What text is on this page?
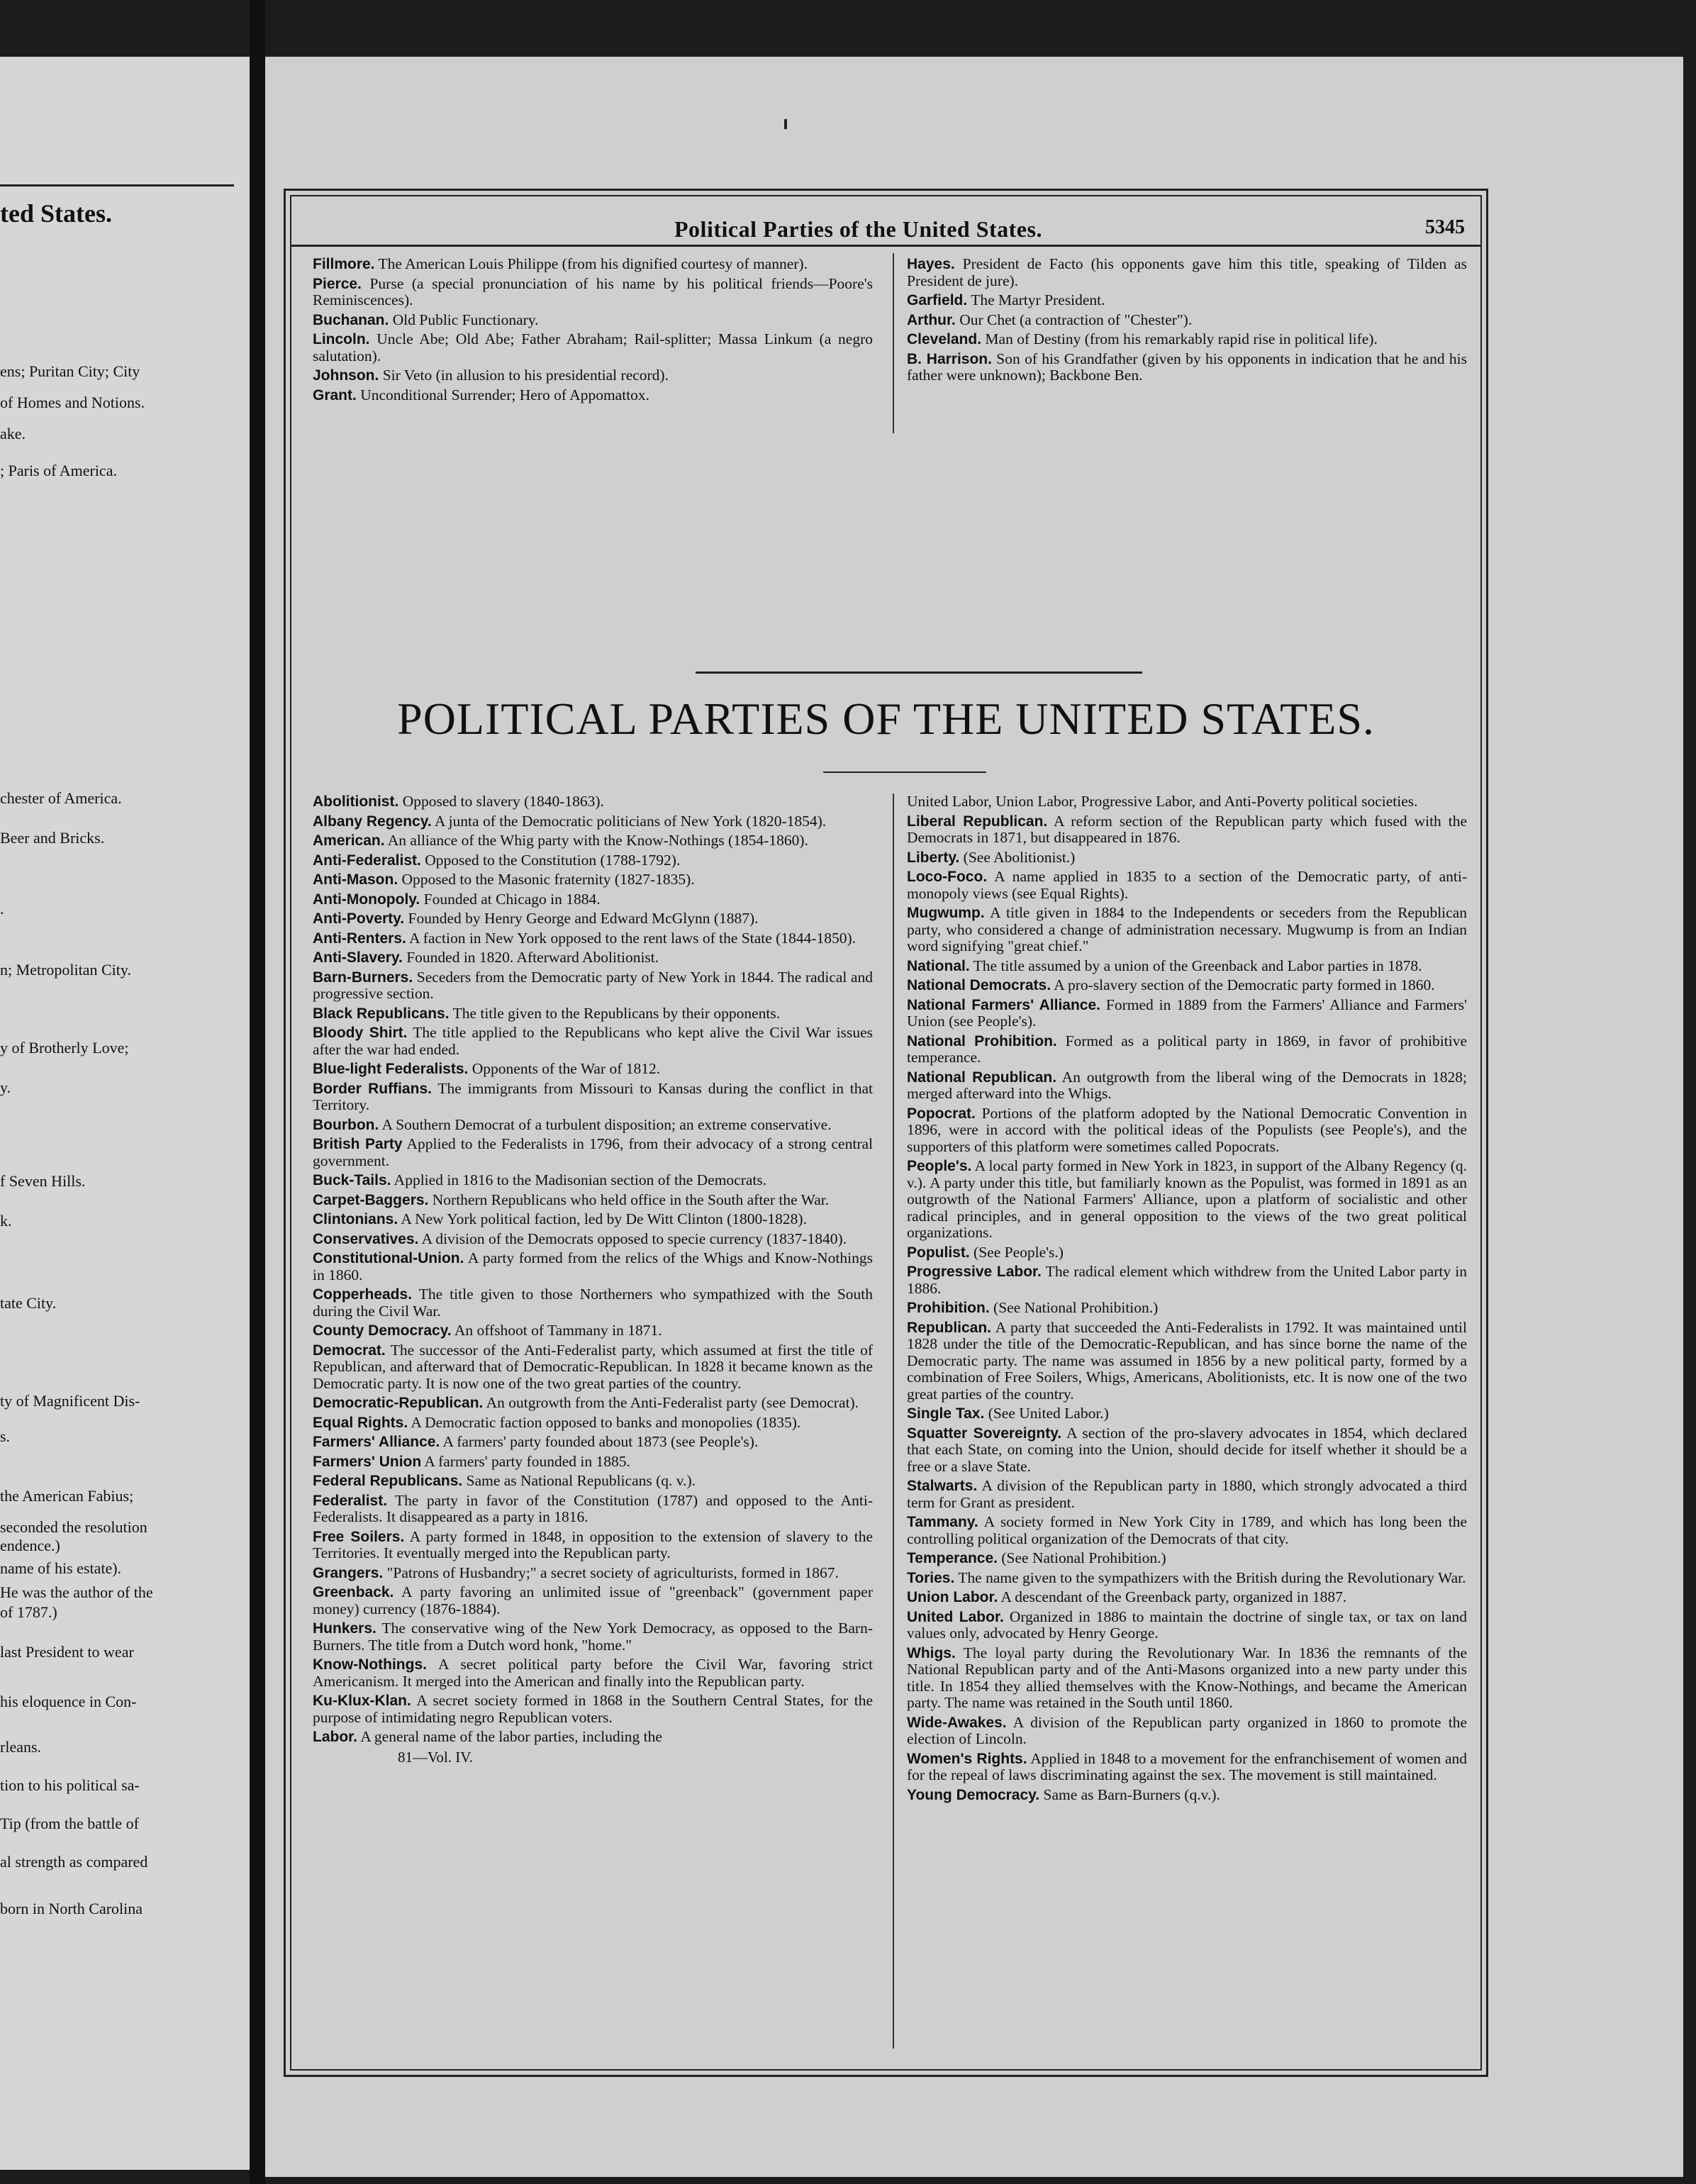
ted States.
ens; Puritan City; City
of Homes and Notions.
ake.
; Paris of America.
chester of America.
Beer and Bricks.
.
n; Metropolitan City.
y of Brotherly Love;
y.
f Seven Hills.
k.
tate City.
ty of Magnificent Dis-
s.
the American Fabius;
seconded the resolution
endence.)
name of his estate).
He was the author of the
of 1787.)
last President to wear
his eloquence in Con-
rleans.
tion to his political sa-
Tip (from the battle of
al strength as compared
born in North Carolina
Political Parties of the United States.	5345
Fillmore. The American Louis Philippe (from his dignified courtesy of manner).
Pierce. Purse (a special pronunciation of his name by his political friends—Poore's Reminiscences).
Buchanan. Old Public Functionary.
Lincoln. Uncle Abe; Old Abe; Father Abraham; Rail-splitter; Massa Linkum (a negro salutation).
Johnson. Sir Veto (in allusion to his presidential record).
Grant. Unconditional Surrender; Hero of Appomattox.
Hayes. President de Facto (his opponents gave him this title, speaking of Tilden as President de jure).
Garfield. The Martyr President.
Arthur. Our Chet (a contraction of "Chester").
Cleveland. Man of Destiny (from his remarkably rapid rise in political life).
B. Harrison. Son of his Grandfather (given by his opponents in indication that he and his father were unknown); Backbone Ben.
POLITICAL PARTIES OF THE UNITED STATES.
Abolitionist. Opposed to slavery (1840-1863).
Albany Regency. A junta of the Democratic politicians of New York (1820-1854).
American. An alliance of the Whig party with the Know-Nothings (1854-1860).
Anti-Federalist. Opposed to the Constitution (1788-1792).
Anti-Mason. Opposed to the Masonic fraternity (1827-1835).
Anti-Monopoly. Founded at Chicago in 1884.
Anti-Poverty. Founded by Henry George and Edward McGlynn (1887).
Anti-Renters. A faction in New York opposed to the rent laws of the State (1844-1850).
Anti-Slavery. Founded in 1820. Afterward Abolitionist.
Barn-Burners. Seceders from the Democratic party of New York in 1844. The radical and progressive section.
Black Republicans. The title given to the Republicans by their opponents.
Bloody Shirt. The title applied to the Republicans who kept alive the Civil War issues after the war had ended.
Blue-light Federalists. Opponents of the War of 1812.
Border Ruffians. The immigrants from Missouri to Kansas during the conflict in that Territory.
Bourbon. A Southern Democrat of a turbulent disposition; an extreme conservative.
British Party Applied to the Federalists in 1796, from their advocacy of a strong central government.
Buck-Tails. Applied in 1816 to the Madisonian section of the Democrats.
Carpet-Baggers. Northern Republicans who held office in the South after the War.
Clintonians. A New York political faction, led by De Witt Clinton (1800-1828).
Conservatives. A division of the Democrats opposed to specie currency (1837-1840).
Constitutional-Union. A party formed from the relics of the Whigs and Know-Nothings in 1860.
Copperheads. The title given to those Northerners who sympathized with the South during the Civil War.
County Democracy. An offshoot of Tammany in 1871.
Democrat. The successor of the Anti-Federalist party, which assumed at first the title of Republican, and afterward that of Democratic-Republican. In 1828 it became known as the Democratic party. It is now one of the two great parties of the country.
Democratic-Republican. An outgrowth from the Anti-Federalist party (see Democrat).
Equal Rights. A Democratic faction opposed to banks and monopolies (1835).
Farmers' Alliance. A farmers' party founded about 1873 (see People's).
Farmers' Union A farmers' party founded in 1885.
Federal Republicans. Same as National Republicans (q. v.).
Federalist. The party in favor of the Constitution (1787) and opposed to the Anti-Federalists. It disappeared as a party in 1816.
Free Soilers. A party formed in 1848, in opposition to the extension of slavery to the Territories. It eventually merged into the Republican party.
Grangers. "Patrons of Husbandry;" a secret society of agriculturists, formed in 1867.
Greenback. A party favoring an unlimited issue of "greenback" (government paper money) currency (1876-1884).
Hunkers. The conservative wing of the New York Democracy, as opposed to the Barn-Burners. The title from a Dutch word honk, "home."
Know-Nothings. A secret political party before the Civil War, favoring strict Americanism. It merged into the American and finally into the Republican party.
Ku-Klux-Klan. A secret society formed in 1868 in the Southern Central States, for the purpose of intimidating negro Republican voters.
Labor. A general name of the labor parties, including the
81—Vol. IV.
United Labor, Union Labor, Progressive Labor, and Anti-Poverty political societies.
Liberal Republican. A reform section of the Republican party which fused with the Democrats in 1871, but disappeared in 1876.
Liberty. (See Abolitionist.)
Loco-Foco. A name applied in 1835 to a section of the Democratic party, of anti-monopoly views (see Equal Rights).
Mugwump. A title given in 1884 to the Independents or seceders from the Republican party, who considered a change of administration necessary. Mugwump is from an Indian word signifying "great chief."
National. The title assumed by a union of the Greenback and Labor parties in 1878.
National Democrats. A pro-slavery section of the Democratic party formed in 1860.
National Farmers' Alliance. Formed in 1889 from the Farmers' Alliance and Farmers' Union (see People's).
National Prohibition. Formed as a political party in 1869, in favor of prohibitive temperance.
National Republican. An outgrowth from the liberal wing of the Democrats in 1828; merged afterward into the Whigs.
Popocrat. Portions of the platform adopted by the National Democratic Convention in 1896, were in accord with the political ideas of the Populists (see People's), and the supporters of this platform were sometimes called Popocrats.
People's. A local party formed in New York in 1823, in support of the Albany Regency (q. v.). A party under this title, but familiarly known as the Populist, was formed in 1891 as an outgrowth of the National Farmers' Alliance, upon a platform of socialistic and other radical principles, and in general opposition to the views of the two great political organizations.
Populist. (See People's.)
Progressive Labor. The radical element which withdrew from the United Labor party in 1886.
Prohibition. (See National Prohibition.)
Republican. A party that succeeded the Anti-Federalists in 1792. It was maintained until 1828 under the title of the Democratic-Republican, and has since borne the name of the Democratic party. The name was assumed in 1856 by a new political party, formed by a combination of Free Soilers, Whigs, Americans, Abolitionists, etc. It is now one of the two great parties of the country.
Single Tax. (See United Labor.)
Squatter Sovereignty. A section of the pro-slavery advocates in 1854, which declared that each State, on coming into the Union, should decide for itself whether it should be a free or a slave State.
Stalwarts. A division of the Republican party in 1880, which strongly advocated a third term for Grant as president.
Tammany. A society formed in New York City in 1789, and which has long been the controlling political organization of the Democrats of that city.
Temperance. (See National Prohibition.)
Tories. The name given to the sympathizers with the British during the Revolutionary War.
Union Labor. A descendant of the Greenback party, organized in 1887.
United Labor. Organized in 1886 to maintain the doctrine of single tax, or tax on land values only, advocated by Henry George.
Whigs. The loyal party during the Revolutionary War. In 1836 the remnants of the National Republican party and of the Anti-Masons organized into a new party under this title. In 1854 they allied themselves with the Know-Nothings, and became the American party. The name was retained in the South until 1860.
Wide-Awakes. A division of the Republican party organized in 1860 to promote the election of Lincoln.
Women's Rights. Applied in 1848 to a movement for the enfranchisement of women and for the repeal of laws discriminating against the sex. The movement is still maintained.
Young Democracy. Same as Barn-Burners (q.v.).
